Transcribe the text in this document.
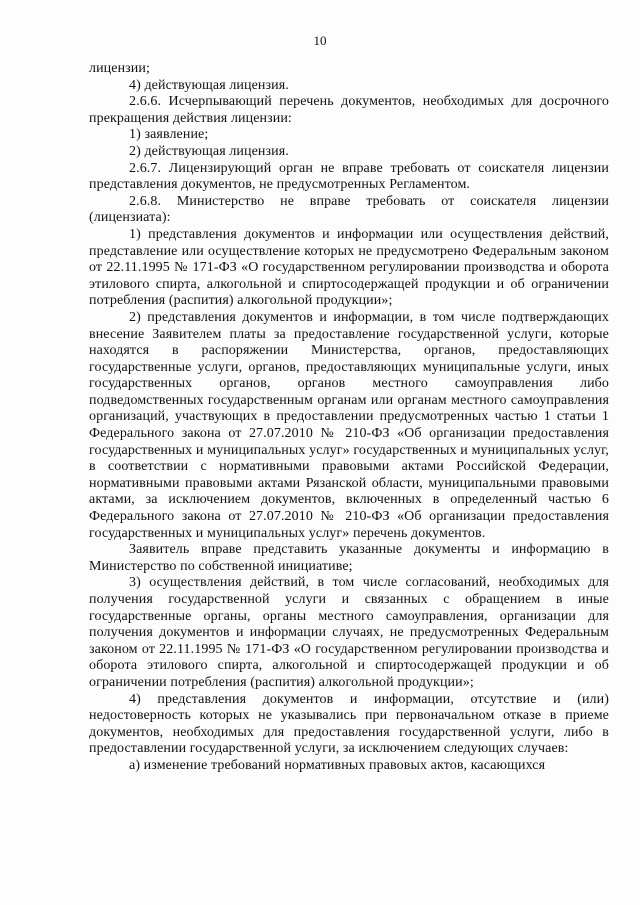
10

лицензии;

4) действующая лицензия.

2.6.6. Исчерпывающий перечень документов, необходимых для досрочного прекращения действия лицензии:

1) заявление;

2) действующая лицензия.

2.6.7. Лицензирующий орган не вправе требовать от соискателя лицензии представления документов, не предусмотренных Регламентом.

2.6.8. Министерство не вправе требовать от соискателя лицензии (лицензиата):

1) представления документов и информации или осуществления действий, представление или осуществление которых не предусмотрено Федеральным законом от 22.11.1995 № 171-ФЗ «О государственном регулировании производства и оборота этилового спирта, алкогольной и спиртосодержащей продукции и об ограничении потребления (распития) алкогольной продукции»;

2) представления документов и информации, в том числе подтверждающих внесение Заявителем платы за предоставление государственной услуги, которые находятся в распоряжении Министерства, органов, предоставляющих государственные услуги, органов, предоставляющих муниципальные услуги, иных государственных органов, органов местного самоуправления либо подведомственных государственным органам или органам местного самоуправления организаций, участвующих в предоставлении предусмотренных частью 1 статьи 1 Федерального закона от 27.07.2010 № 210-ФЗ «Об организации предоставления государственных и муниципальных услуг» государственных и муниципальных услуг, в соответствии с нормативными правовыми актами Российской Федерации, нормативными правовыми актами Рязанской области, муниципальными правовыми актами, за исключением документов, включенных в определенный частью 6 Федерального закона от 27.07.2010 № 210-ФЗ «Об организации предоставления государственных и муниципальных услуг» перечень документов.

Заявитель вправе представить указанные документы и информацию в Министерство по собственной инициативе;

3) осуществления действий, в том числе согласований, необходимых для получения государственной услуги и связанных с обращением в иные государственные органы, органы местного самоуправления, организации для получения документов и информации случаях, не предусмотренных Федеральным законом от 22.11.1995 № 171-ФЗ «О государственном регулировании производства и оборота этилового спирта, алкогольной и спиртосодержащей продукции и об ограничении потребления (распития) алкогольной продукции»;

4) представления документов и информации, отсутствие и (или) недостоверность которых не указывались при первоначальном отказе в приеме документов, необходимых для предоставления государственной услуги, либо в предоставлении государственной услуги, за исключением следующих случаев:

а) изменение требований нормативных правовых актов, касающихся
